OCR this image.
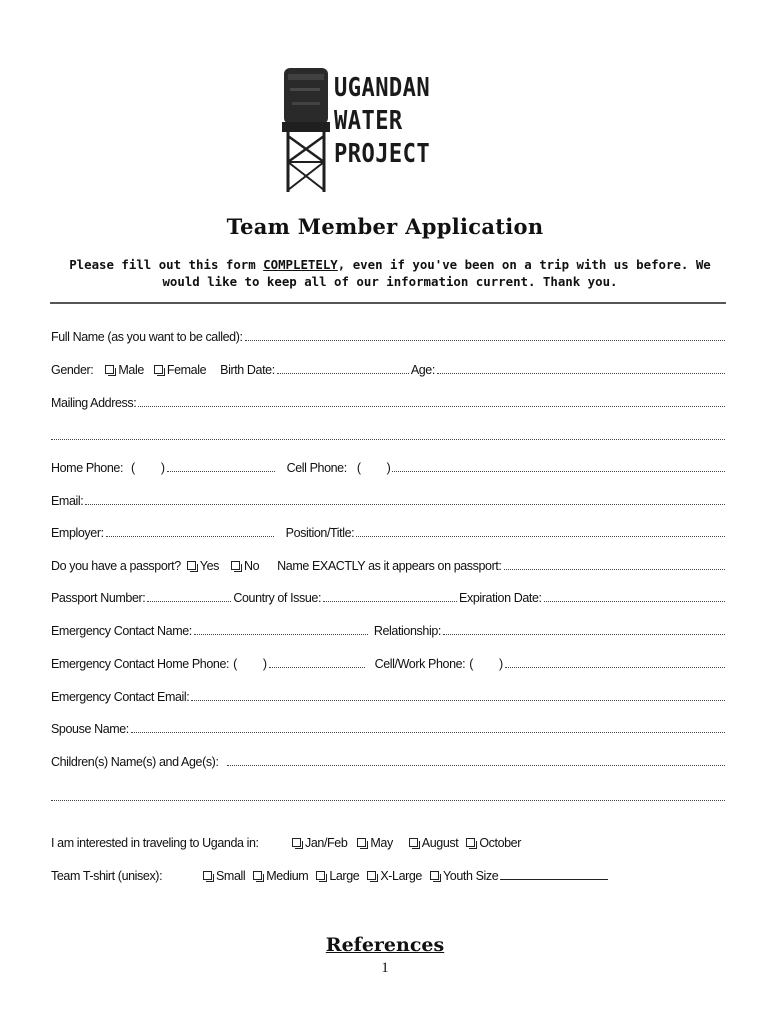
UGANDAN
WATER
PROJECT
Team Member Application
Please fill out this form COMPLETELY, even if you've been on a trip with us before. We would like to keep all of our information current. Thank you.
Full Name (as you want to be called):
Gender: Male Female Birth Date:	Age:
Mailing Address:
Home Phone: ( )	Cell Phone: ( )
Email:
Employer:	Position/Title:
Do you have a passport? Yes No Name EXACTLY as it appears on passport:
Passport Number:	Country of Issue:	Expiration Date:
Emergency Contact Name:	Relationship:
Emergency Contact Home Phone: ( )	Cell/Work Phone: ( )
Emergency Contact Email:
Spouse Name:
Children(s) Name(s) and Age(s):
I am interested in traveling to Uganda in:	Jan/Feb May August October
Team T-shirt (unisex):	Small Medium Large X-Large Youth Size
References
1
